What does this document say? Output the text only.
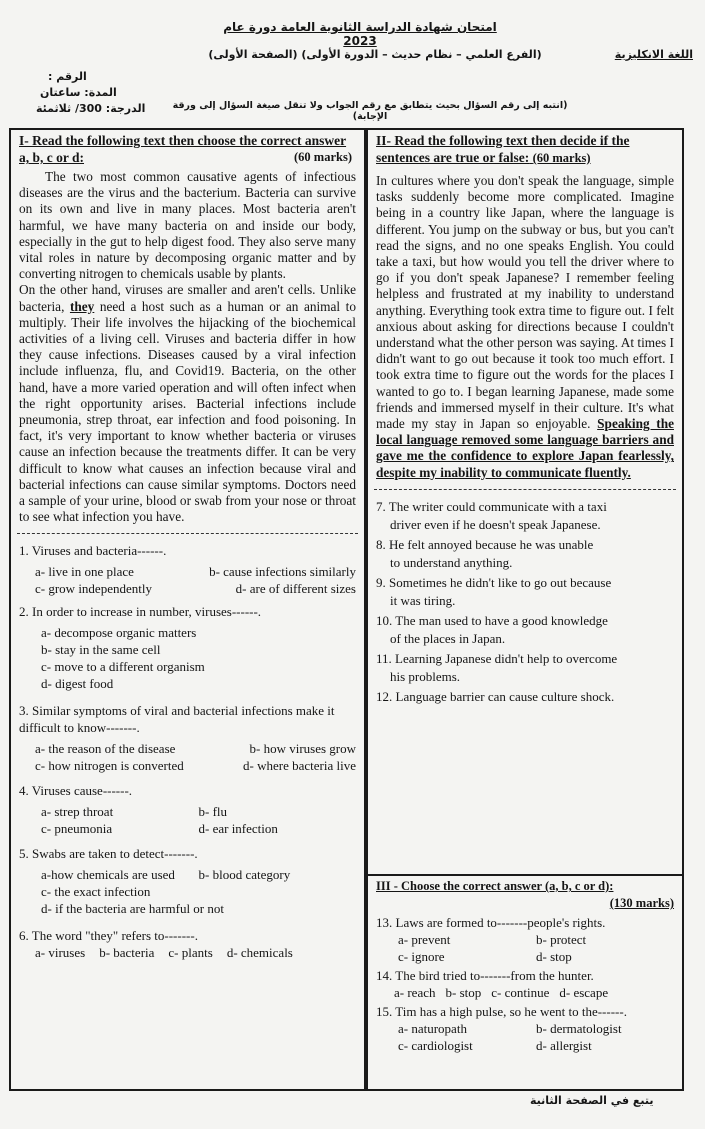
امتحان شهادة الدراسة الثانوية العامة دورة عام 2023
اللغة الانكليزية
(الفرع العلمي – نظام حديث – الدورة الأولى) (الصفحة الأولى)
الرقم :
المدة: ساعتان
الدرجة: 300/ ثلاثمئة	(انتبه إلى رقم السؤال بحيث يتطابق مع رقم الجواب ولا تنقل صيغة السؤال إلى ورقة الإجابة)
I- Read the following text then choose the correct answer a, b, c or d:	(60 marks)

The two most common causative agents of infectious diseases are the virus and the bacterium. Bacteria can survive on its own and live in many places. Most bacteria aren't harmful, we have many bacteria on and inside our body, especially in the gut to help digest food. They also serve many vital roles in nature by decomposing organic matter and by converting nitrogen to chemicals usable by plants.

On the other hand, viruses are smaller and aren't cells. Unlike bacteria, they need a host such as a human or an animal to multiply. Their life involves the hijacking of the biochemical activities of a living cell. Viruses and bacteria differ in how they cause infections. Diseases caused by a viral infection include influenza, flu, and Covid19. Bacteria, on the other hand, have a more varied operation and will often infect when the right opportunity arises. Bacterial infections include pneumonia, strep throat, ear infection and food poisoning. In fact, it's very important to know whether bacteria or viruses cause an infection because the treatments differ. It can be very difficult to know what causes an infection because viral and bacterial infections can cause similar symptoms. Doctors need a sample of your urine, blood or swab from your nose or throat to see what infection you have.

1. Viruses and bacteria------.
a- live in one place	b- cause infections similarly
c- grow independently	d- are of different sizes
2. In order to increase in number, viruses------.
a- decompose organic matters
b- stay in the same cell
c- move to a different organism
d- digest food
3. Similar symptoms of viral and bacterial infections make it difficult to know-------.
a- the reason of the disease	b- how viruses grow
c- how nitrogen is converted	d- where bacteria live
4. Viruses cause------.
a- strep throat	b- flu
c- pneumonia	d- ear infection
5. Swabs are taken to detect-------.
a-how chemicals are used	b- blood category
c- the exact infection
d- if the bacteria are harmful or not
6. The word "they" refers to-------.
a- viruses b- bacteria c- plants d- chemicals
II- Read the following text then decide if the sentences are true or false: (60 marks)

In cultures where you don't speak the language, simple tasks suddenly become more complicated. Imagine being in a country like Japan, where the language is different. You jump on the subway or bus, but you can't read the signs, and no one speaks English. You could take a taxi, but how would you tell the driver where to go if you don't speak Japanese? I remember feeling helpless and frustrated at my inability to understand anything. Everything took extra time to figure out. I felt anxious about asking for directions because I couldn't understand what the other person was saying. At times I didn't want to go out because it took too much effort. I took extra time to figure out the words for the places I wanted to go to. I began learning Japanese, made some friends and immersed myself in their culture. It's what made my stay in Japan so enjoyable. Speaking the local language removed some language barriers and gave me the confidence to explore Japan fearlessly, despite my inability to communicate fluently.
7. The writer could communicate with a taxi
driver even if he doesn't speak Japanese.
8. He felt annoyed because he was unable
to understand anything.
9. Sometimes he didn't like to go out because
it was tiring.
10. The man used to have a good knowledge
of the places in Japan.
11. Learning Japanese didn't help to overcome
his problems.
12. Language barrier can cause culture shock.
III - Choose the correct answer (a, b, c or d):
(130 marks)
13. Laws are formed to-------people's rights.
a- prevent	b- protect
c- ignore	d- stop
14. The bird tried to-------from the hunter.
a- reach b- stop c- continue d- escape
15. Tim has a high pulse, so he went to the------.
a- naturopath	b- dermatologist
c- cardiologist	d- allergist
يتبع في الصفحة الثانية
